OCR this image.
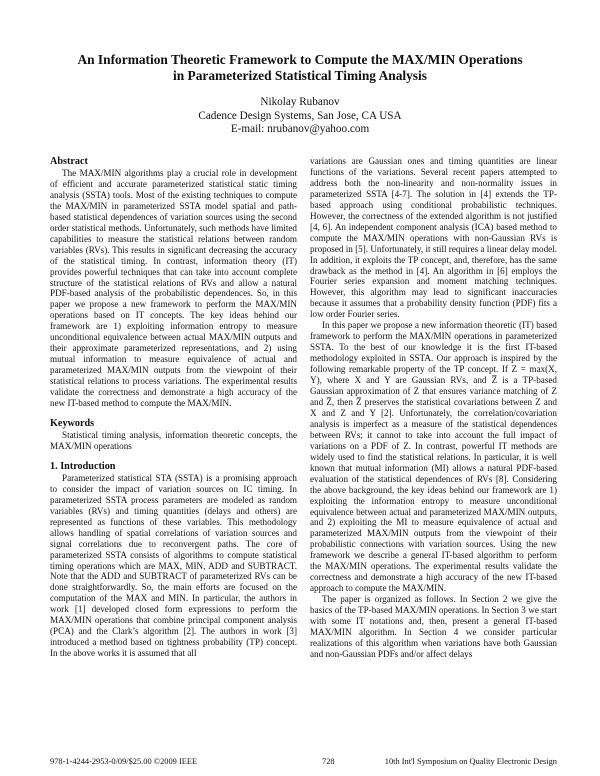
An Information Theoretic Framework to Compute the MAX/MIN Operations
in Parameterized Statistical Timing Analysis
Nikolay Rubanov
Cadence Design Systems, San Jose, CA USA
E-mail: nrubanov@yahoo.com
Abstract

The MAX/MIN algorithms play a crucial role in development of efficient and accurate parameterized statistical static timing analysis (SSTA) tools. Most of the existing techniques to compute the MAX/MIN in parameterized SSTA model spatial and path-based statistical dependences of variation sources using the second order statistical methods. Unfortunately, such methods have limited capabilities to measure the statistical relations between random variables (RVs). This results in significant decreasing the accuracy of the statistical timing. In contrast, information theory (IT) provides powerful techniques that can take into account complete structure of the statistical relations of RVs and allow a natural PDF-based analysis of the probabilistic dependences. So, in this paper we propose a new framework to perform the MAX/MIN operations based on IT concepts. The key ideas behind our framework are 1) exploiting information entropy to measure unconditional equivalence between actual MAX/MIN outputs and their approximate parameterized representations, and 2) using mutual information to measure equivalence of actual and parameterized MAX/MIN outputs from the viewpoint of their statistical relations to process variations. The experimental results validate the correctness and demonstrate a high accuracy of the new IT-based method to compute the MAX/MIN.

Keywords

Statistical timing analysis, information theoretic concepts, the MAX/MIN operations

1. Introduction

Parameterized statistical STA (SSTA) is a promising approach to consider the impact of variation sources on IC timing. In parameterized SSTA process parameters are modeled as random variables (RVs) and timing quantities (delays and others) are represented as functions of these variables. This methodology allows handling of spatial correlations of variation sources and signal correlations due to reconvergent paths. The core of parameterized SSTA consists of algorithms to compute statistical timing operations which are MAX, MIN, ADD and SUBTRACT. Note that the ADD and SUBTRACT of parameterized RVs can be done straightforwardly. So, the main efforts are focused on the computation of the MAX and MIN. In particular, the authors in work [1] developed closed form expressions to perform the MAX/MIN operations that combine principal component analysis (PCA) and the Clark’s algorithm [2]. The authors in work [3] introduced a method based on tightness probability (TP) concept. In the above works it is assumed that all

variations are Gaussian ones and timing quantities are linear functions of the variations. Several recent papers attempted to address both the non-linearity and non-normality issues in parameterized SSTA [4-7]. The solution in [4] extends the TP-based approach using conditional probabilistic techniques. However, the correctness of the extended algorithm is not justified [4, 6]. An independent component analysis (ICA) based method to compute the MAX/MIN operations with non-Gaussian RVs is proposed in [5]. Unfortunately, it still requires a linear delay model. In addition, it exploits the TP concept, and, therefore, has the same drawback as the method in [4]. An algorithm in [6] employs the Fourier series expansion and moment matching techniques. However, this algorithm may lead to significant inaccuracies because it assumes that a probability density function (PDF) fits a low order Fourier series.

In this paper we propose a new information theoretic (IT) based framework to perform the MAX/MIN operations in parameterized SSTA. To the best of our knowledge it is the first IT-based methodology exploited in SSTA. Our approach is inspired by the following remarkable property of the TP concept. If Z = max(X, Y), where X and Y are Gaussian RVs, and Z̅ is a TP-based Gaussian approximation of Z that ensures variance matching of Z and Z̅, then Z̅ preserves the statistical covariations between Z and X and Z and Y [2]. Unfortunately, the correlation/covariation analysis is imperfect as a measure of the statistical dependences between RVs; it cannot to take into account the full impact of variations on a PDF of Z. In contrast, powerful IT methods are widely used to find the statistical relations. In particular, it is well known that mutual information (MI) allows a natural PDF-based evaluation of the statistical dependences of RVs [8]. Considering the above background, the key ideas behind our framework are 1) exploiting the information entropy to measure unconditional equivalence between actual and parameterized MAX/MIN outputs, and 2) exploiting the MI to measure equivalence of actual and parameterized MAX/MIN outputs from the viewpoint of their probabilistic connections with variation sources. Using the new framework we describe a general IT-based algorithm to perform the MAX/MIN operations. The experimental results validate the correctness and demonstrate a high accuracy of the new IT-based approach to compute the MAX/MIN.

The paper is organized as follows. In Section 2 we give the basics of the TP-based MAX/MIN operations. In Section 3 we start with some IT notations and, then, present a general IT-based MAX/MIN algorithm. In Section 4 we consider particular realizations of this algorithm when variations have both Gaussian and non-Gaussian PDFs and/or affect delays

978-1-4244-2953-0/09/$25.00 ©2009 IEEE	728	10th Int'l Symposium on Quality Electronic Design
